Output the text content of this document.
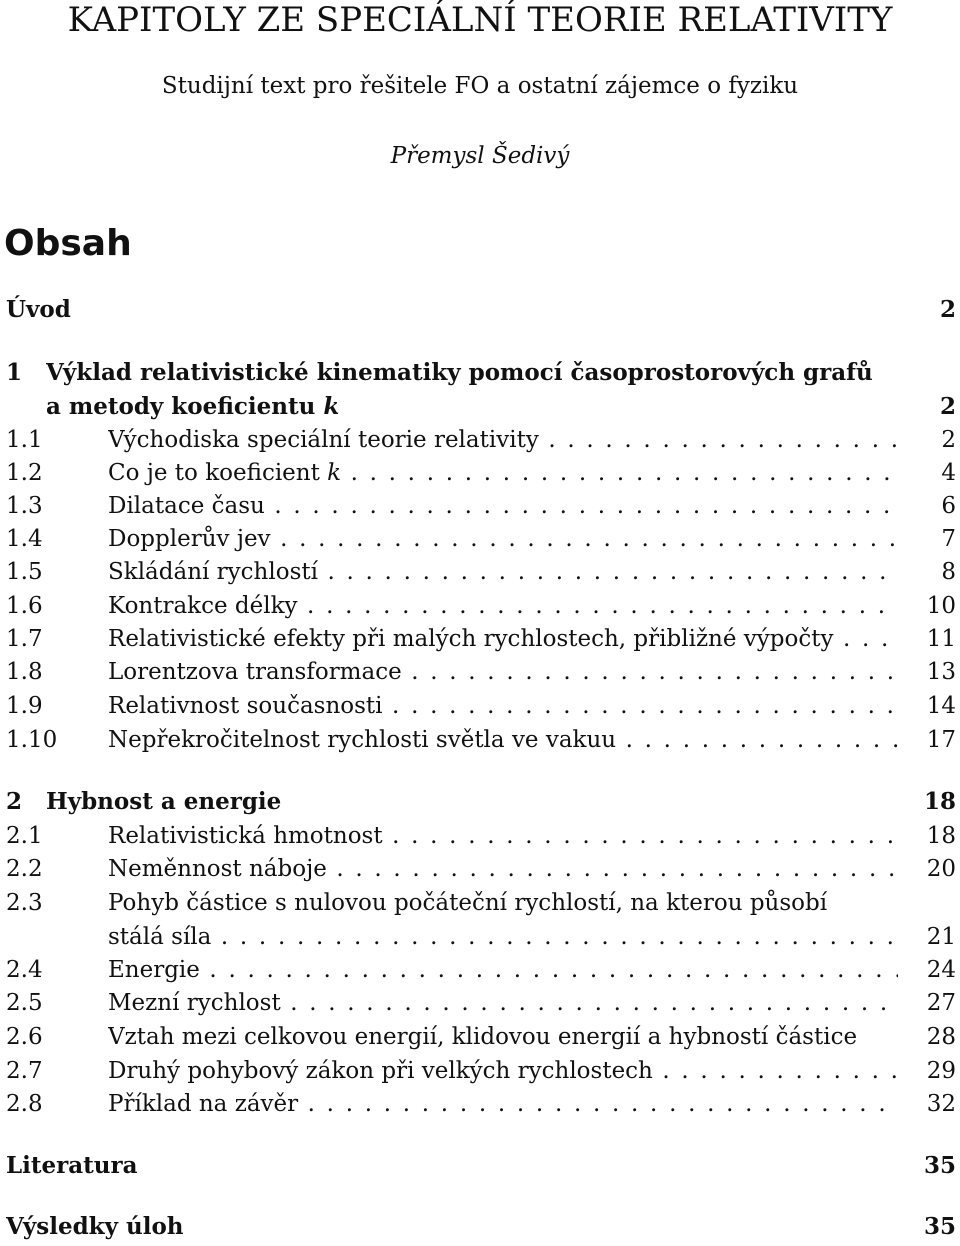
KAPITOLY ZE SPECIÁLNÍ TEORIE RELATIVITY
Studijní text pro řešitele FO a ostatní zájemce o fyziku
Přemysl Šedivý
Obsah
Úvod	2
1 Výklad relativistické kinematiky pomocí časoprostorových grafů
a metody koeficientu k	2
1.1	Východiska speciální teorie relativity . . .	2
1.2	Co je to koeficient k . . .	4
1.3	Dilatace času . . .	6
1.4	Dopplerův jev . . .	7
1.5	Skládání rychlostí . . .	8
1.6	Kontrakce délky . . .	10
1.7	Relativistické efekty při malých rychlostech, přibližné výpočty . . .	11
1.8	Lorentzova transformace . . .	13
1.9	Relativnost současnosti . . .	14
1.10 Nepřekročitelnost rychlosti světla ve vakuu . . .	17
2 Hybnost a energie	18
2.1	Relativistická hmotnost . . .	18
2.2	Neměnnost náboje . . .	20
2.3	Pohyb částice s nulovou počáteční rychlostí, na kterou působí
stálá síla . . .	21
2.4	Energie . . .	24
2.5	Mezní rychlost . . .	27
2.6	Vztah mezi celkovou energií, klidovou energií a hybností částice	28
2.7	Druhý pohybový zákon při velkých rychlostech . . .	29
2.8	Příklad na závěr . . .	32
Literatura	35
Výsledky úloh	35
